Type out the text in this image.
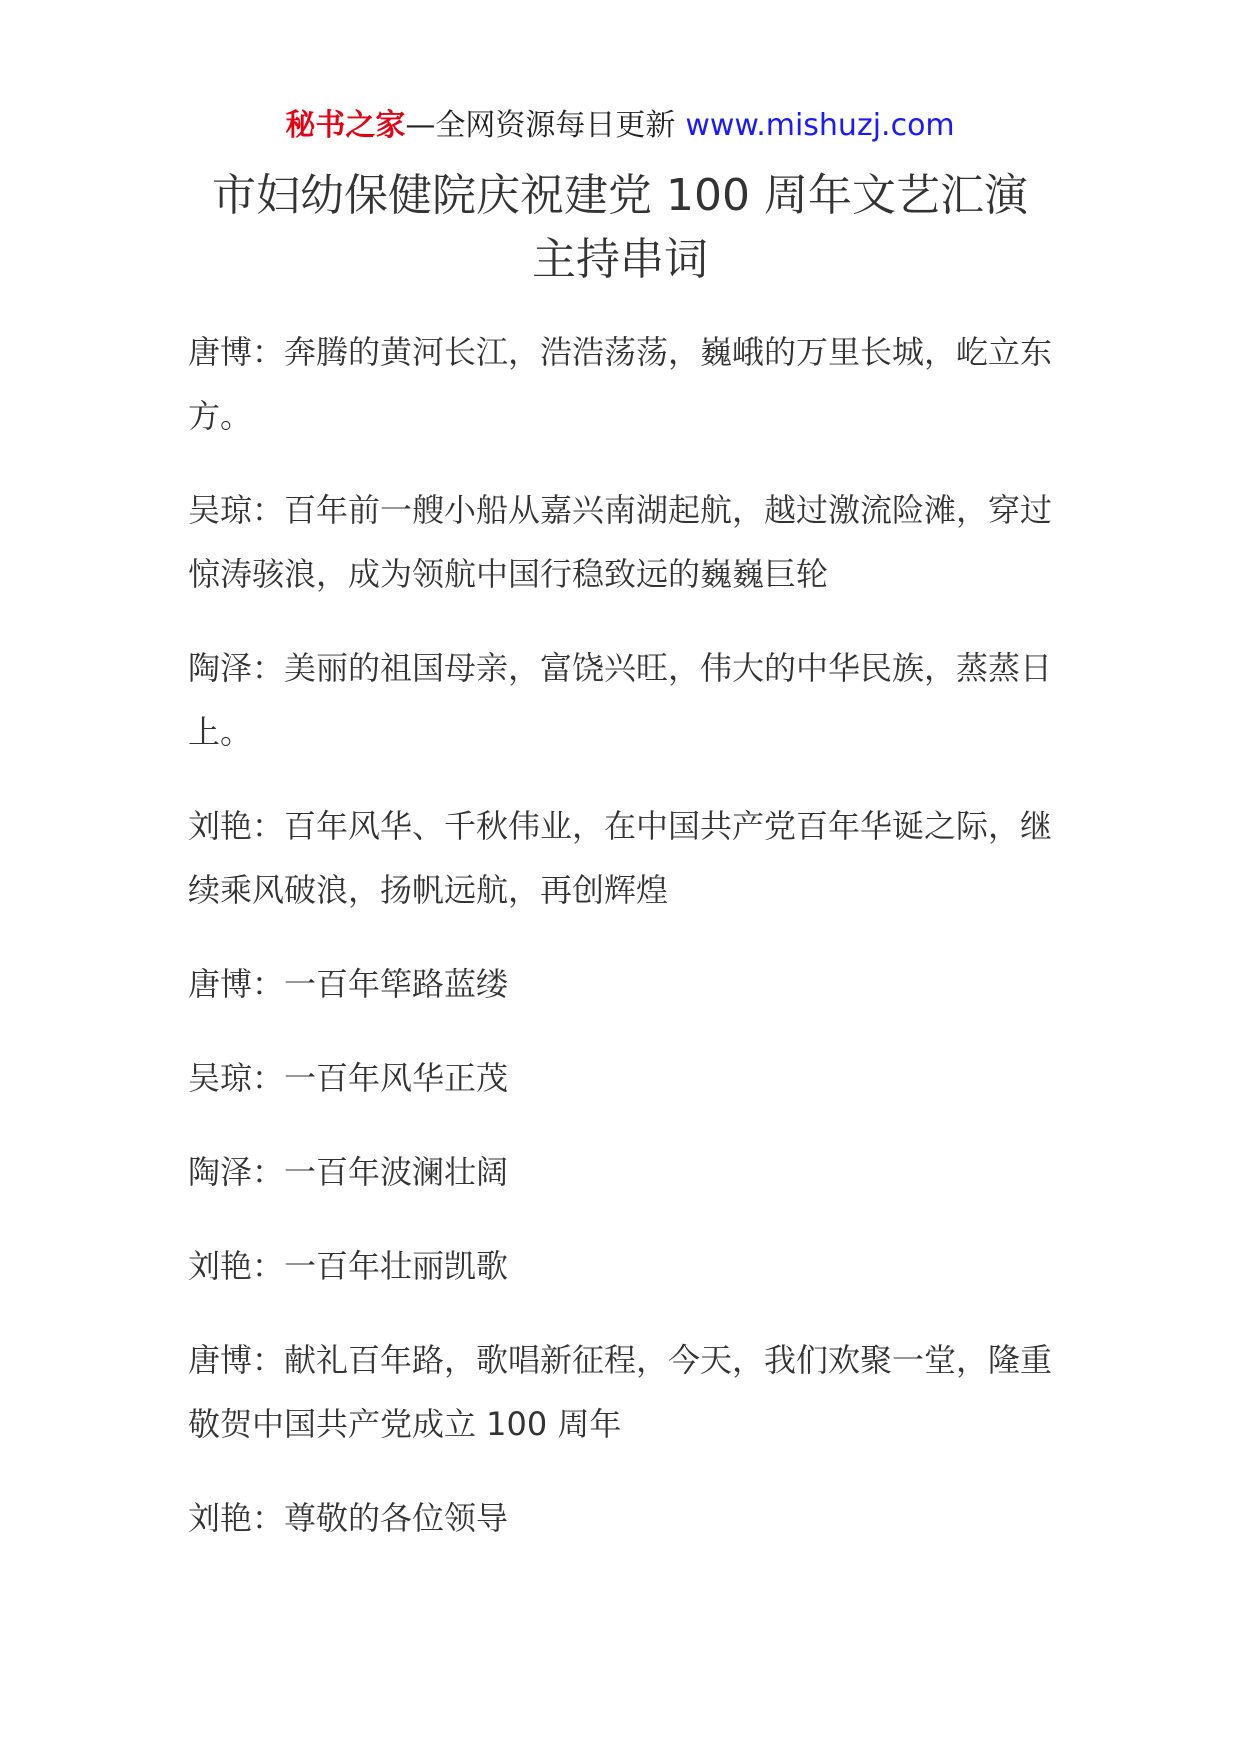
秘书之家—全网资源每日更新 www.mishuzj.com
市妇幼保健院庆祝建党 100 周年文艺汇演
主持串词

唐博：奔腾的黄河长江，浩浩荡荡，巍峨的万里长城，屹立东方。

吴琼：百年前一艘小船从嘉兴南湖起航，越过激流险滩，穿过惊涛骇浪，成为领航中国行稳致远的巍巍巨轮

陶泽：美丽的祖国母亲，富饶兴旺，伟大的中华民族，蒸蒸日上。

刘艳：百年风华、千秋伟业，在中国共产党百年华诞之际，继续乘风破浪，扬帆远航，再创辉煌

唐博：一百年筚路蓝缕

吴琼：一百年风华正茂

陶泽：一百年波澜壮阔

刘艳：一百年壮丽凯歌

唐博：献礼百年路，歌唱新征程，今天，我们欢聚一堂，隆重敬贺中国共产党成立 100 周年

刘艳：尊敬的各位领导
